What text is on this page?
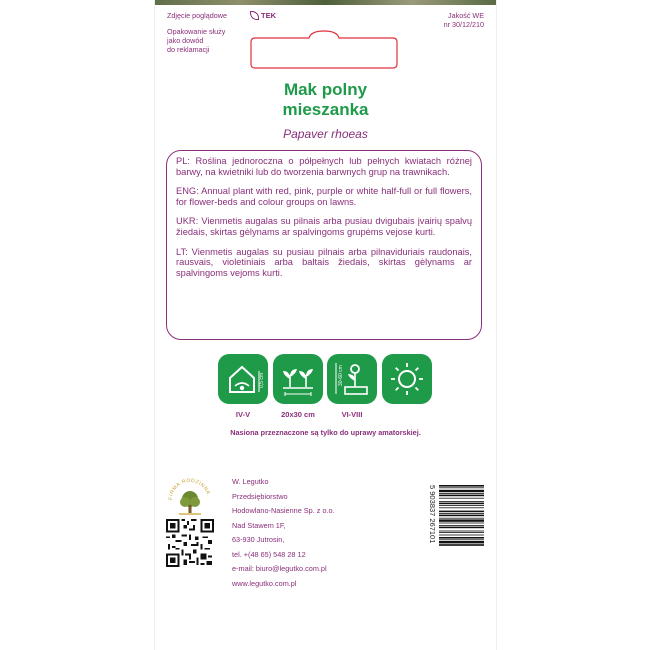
Zdjęcie poglądowe	TEK	Jakość WE
nr 30/12/210
Opakowanie służy
jako dowód
do reklamacji
Mak polny
mieszanka
Papaver rhoeas

PL: Roślina jednoroczna o półpełnych lub pełnych kwiatach różnej barwy, na kwietniki lub do tworzenia barwnych grup na trawnikach.

ENG: Annual plant with red, pink, purple or white half-full or full flowers, for flower-beds and colour groups on lawns.

UKR: Vienmetis augalas su pilnais arba pusiau dvigubais įvairių spalvų žiedais, skirtas gėlynams ar spalvingoms grupėms vejose kurti.

LT: Vienmetis augalas su pusiau pilnais arba pilnaviduriais raudonais, rausvais, violetiniais arba baltais žiedais, skirtas gėlynams ar spalvingoms vejoms kurti.

0,5 cm	30-60 cm
IV-V	20x30 cm	VI-VIII
Nasiona przeznaczone są tylko do uprawy amatorskiej.
FIRMA RODZINNA
W. Legutko
Przedsiębiorstwo
Hodowlano-Nasienne Sp. z o.o.
Nad Stawem 1F,
63-930 Jutrosin,
tel. +(48 65) 548 28 12
e-mail: biuro@legutko.com.pl
www.legutko.com.pl
5 903837 267101
